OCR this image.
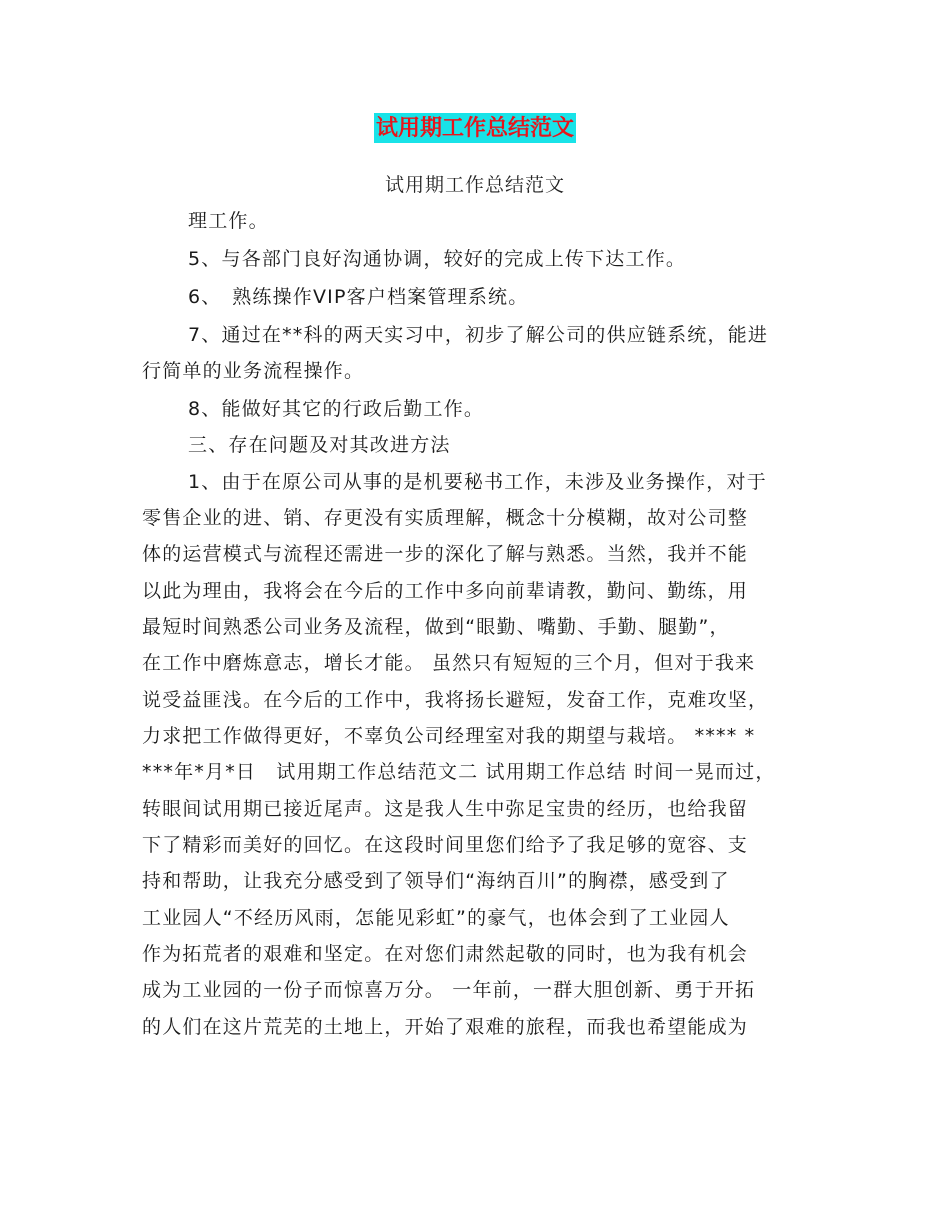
试用期工作总结范文
试用期工作总结范文
理工作。
5、与各部门良好沟通协调，较好的完成上传下达工作。
6、　熟练操作VIP客户档案管理系统。
7、通过在**科的两天实习中，初步了解公司的供应链系统，能进
行简单的业务流程操作。
8、能做好其它的行政后勤工作。
三、存在问题及对其改进方法
1、由于在原公司从事的是机要秘书工作，未涉及业务操作，对于
零售企业的进、销、存更没有实质理解，概念十分模糊，故对公司整
体的运营模式与流程还需进一步的深化了解与熟悉。当然，我并不能
以此为理由，我将会在今后的工作中多向前辈请教，勤问、勤练，用
最短时间熟悉公司业务及流程，做到“眼勤、嘴勤、手勤、腿勤”，
在工作中磨炼意志，增长才能。 虽然只有短短的三个月，但对于我来
说受益匪浅。在今后的工作中，我将扬长避短，发奋工作，克难攻坚，
力求把工作做得更好，不辜负公司经理室对我的期望与栽培。 **** *
***年*月*日　试用期工作总结范文二 试用期工作总结 时间一晃而过，
转眼间试用期已接近尾声。这是我人生中弥足宝贵的经历，也给我留
下了精彩而美好的回忆。在这段时间里您们给予了我足够的宽容、支
持和帮助，让我充分感受到了领导们“海纳百川”的胸襟，感受到了
工业园人“不经历风雨，怎能见彩虹”的豪气，也体会到了工业园人
作为拓荒者的艰难和坚定。在对您们肃然起敬的同时，也为我有机会
成为工业园的一份子而惊喜万分。 一年前，一群大胆创新、勇于开拓
的人们在这片荒芜的土地上，开始了艰难的旅程，而我也希望能成为
